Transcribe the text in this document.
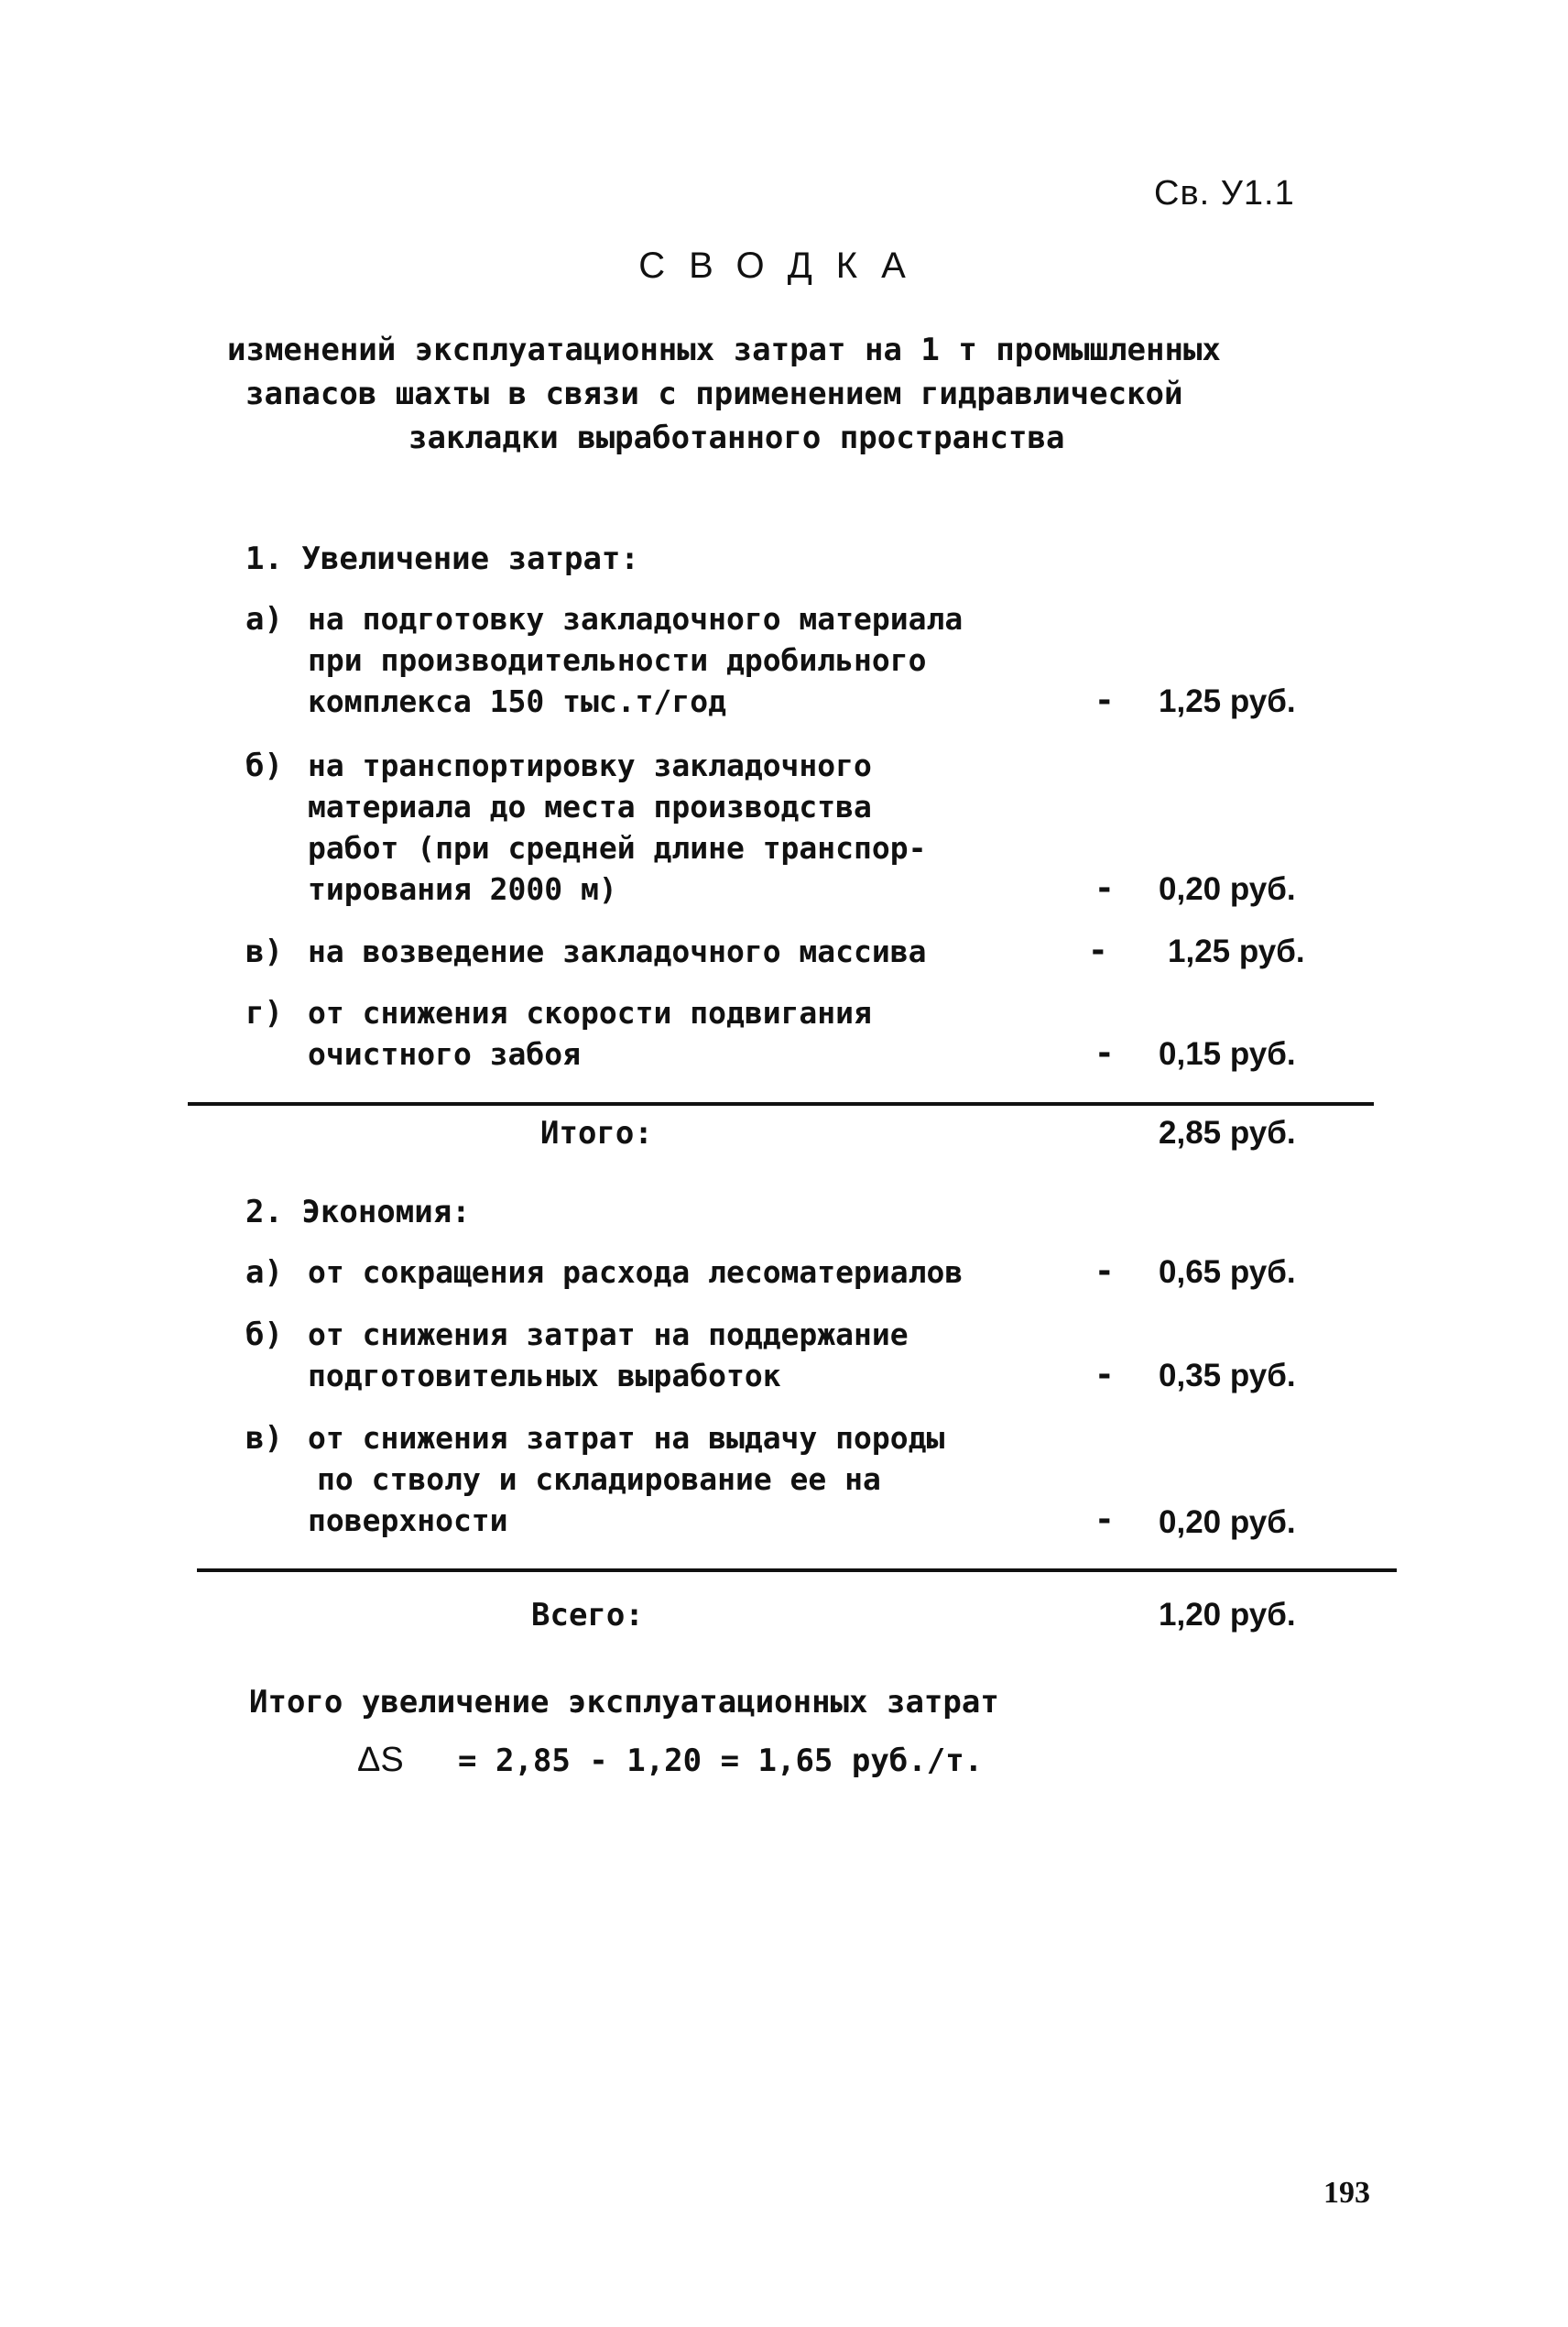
Св. У1.1
СВОДКА
изменений эксплуатационных затрат на 1 т промышленных
запасов шахты в связи с применением гидравлической
закладки выработанного пространства
1. Увеличение затрат:
а) на подготовку закладочного материала
при производительности дробильного
комплекса 150 тыс.т/год	- 1,25 руб.
б) на транспортировку закладочного
материала до места производства
работ (при средней длине транспор-
тирования 2000 м)	- 0,20 руб.
в) на возведение закладочного массива	- 1,25 руб.
г) от снижения скорости подвигания
очистного забоя	- 0,15 руб.
Итого:	2,85 руб.
2. Экономия:
а) от сокращения расхода лесоматериалов	- 0,65 руб.
б) от снижения затрат на поддержание
подготовительных выработок	- 0,35 руб.
в) от снижения затрат на выдачу породы
по стволу и складирование ее на
поверхности	- 0,20 руб.
Всего:	1,20 руб.
Итого увеличение эксплуатационных затрат
ΔS = 2,85 - 1,20 = 1,65 руб./т.
193
